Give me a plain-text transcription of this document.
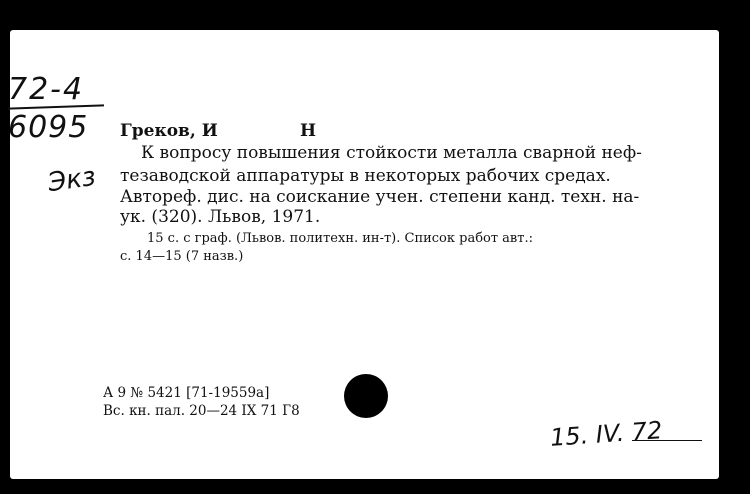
72-4
6095
Экз
Греков, И	Н
К вопросу повышения стойкости металла сварной неф-
тезаводской аппаратуры в некоторых рабочих средах.
Автореф. дис. на соискание учен. степени канд. техн. на-
ук. (320). Львов, 1971.
15 с. с граф. (Львов. политехн. ин-т). Список работ авт.:
с. 14—15 (7 назв.)
А 9 № 5421 [71-19559а]
Вс. кн. пал. 20—24 IX 71 Г8
15. IV. 72
